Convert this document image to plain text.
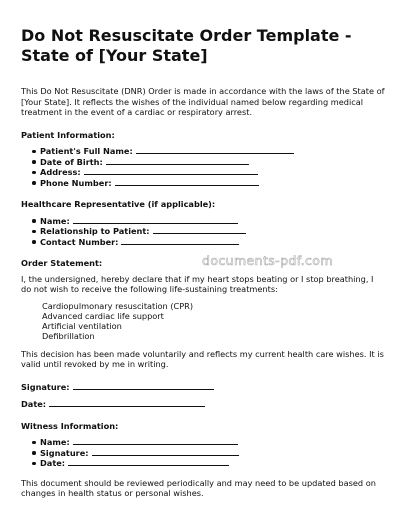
Do Not Resuscitate Order Template - State of [Your State]

This Do Not Resuscitate (DNR) Order is made in accordance with the laws of the State of [Your State]. It reflects the wishes of the individual named below regarding medical treatment in the event of a cardiac or respiratory arrest.

Patient Information:
Patient's Full Name:
Date of Birth:
Address:
Phone Number:
Healthcare Representative (if applicable):
Name:
Relationship to Patient:
Contact Number:
Order Statement:

I, the undersigned, hereby declare that if my heart stops beating or I stop breathing, I do not wish to receive the following life-sustaining treatments:

Cardiopulmonary resuscitation (CPR)
Advanced cardiac life support
Artificial ventilation
Defibrillation

This decision has been made voluntarily and reflects my current health care wishes. It is valid until revoked by me in writing.

Signature:
Date:
Witness Information:
Name:
Signature:
Date:

This document should be reviewed periodically and may need to be updated based on changes in health status or personal wishes.

documents-pdf.com
